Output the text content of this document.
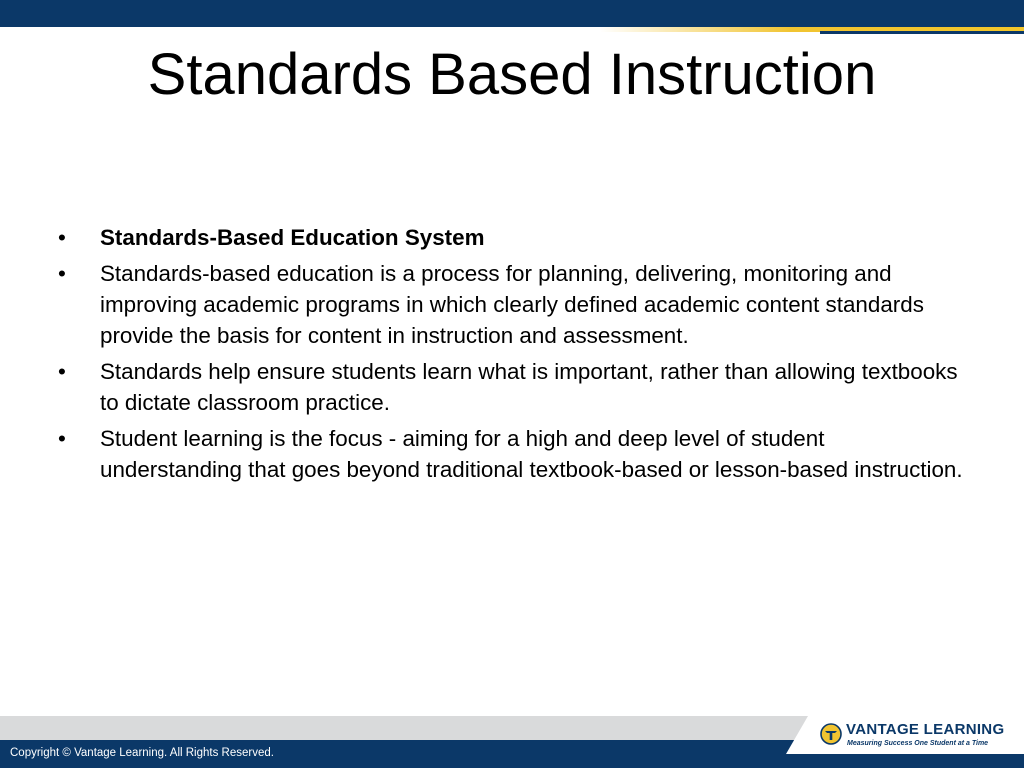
Standards Based Instruction
•	Standards-Based Education System
•	Standards-based education is a process for planning, delivering, monitoring and improving academic programs in which clearly defined academic content standards provide the basis for content in instruction and assessment.
•	Standards help ensure students learn what is important, rather than allowing textbooks to dictate classroom practice.
•	Student learning is the focus - aiming for a high and deep level of student understanding that goes beyond traditional textbook-based or lesson-based instruction.
VANTAGE LEARNING
Measuring Success One Student at a Time
Copyright © Vantage Learning. All Rights Reserved.
